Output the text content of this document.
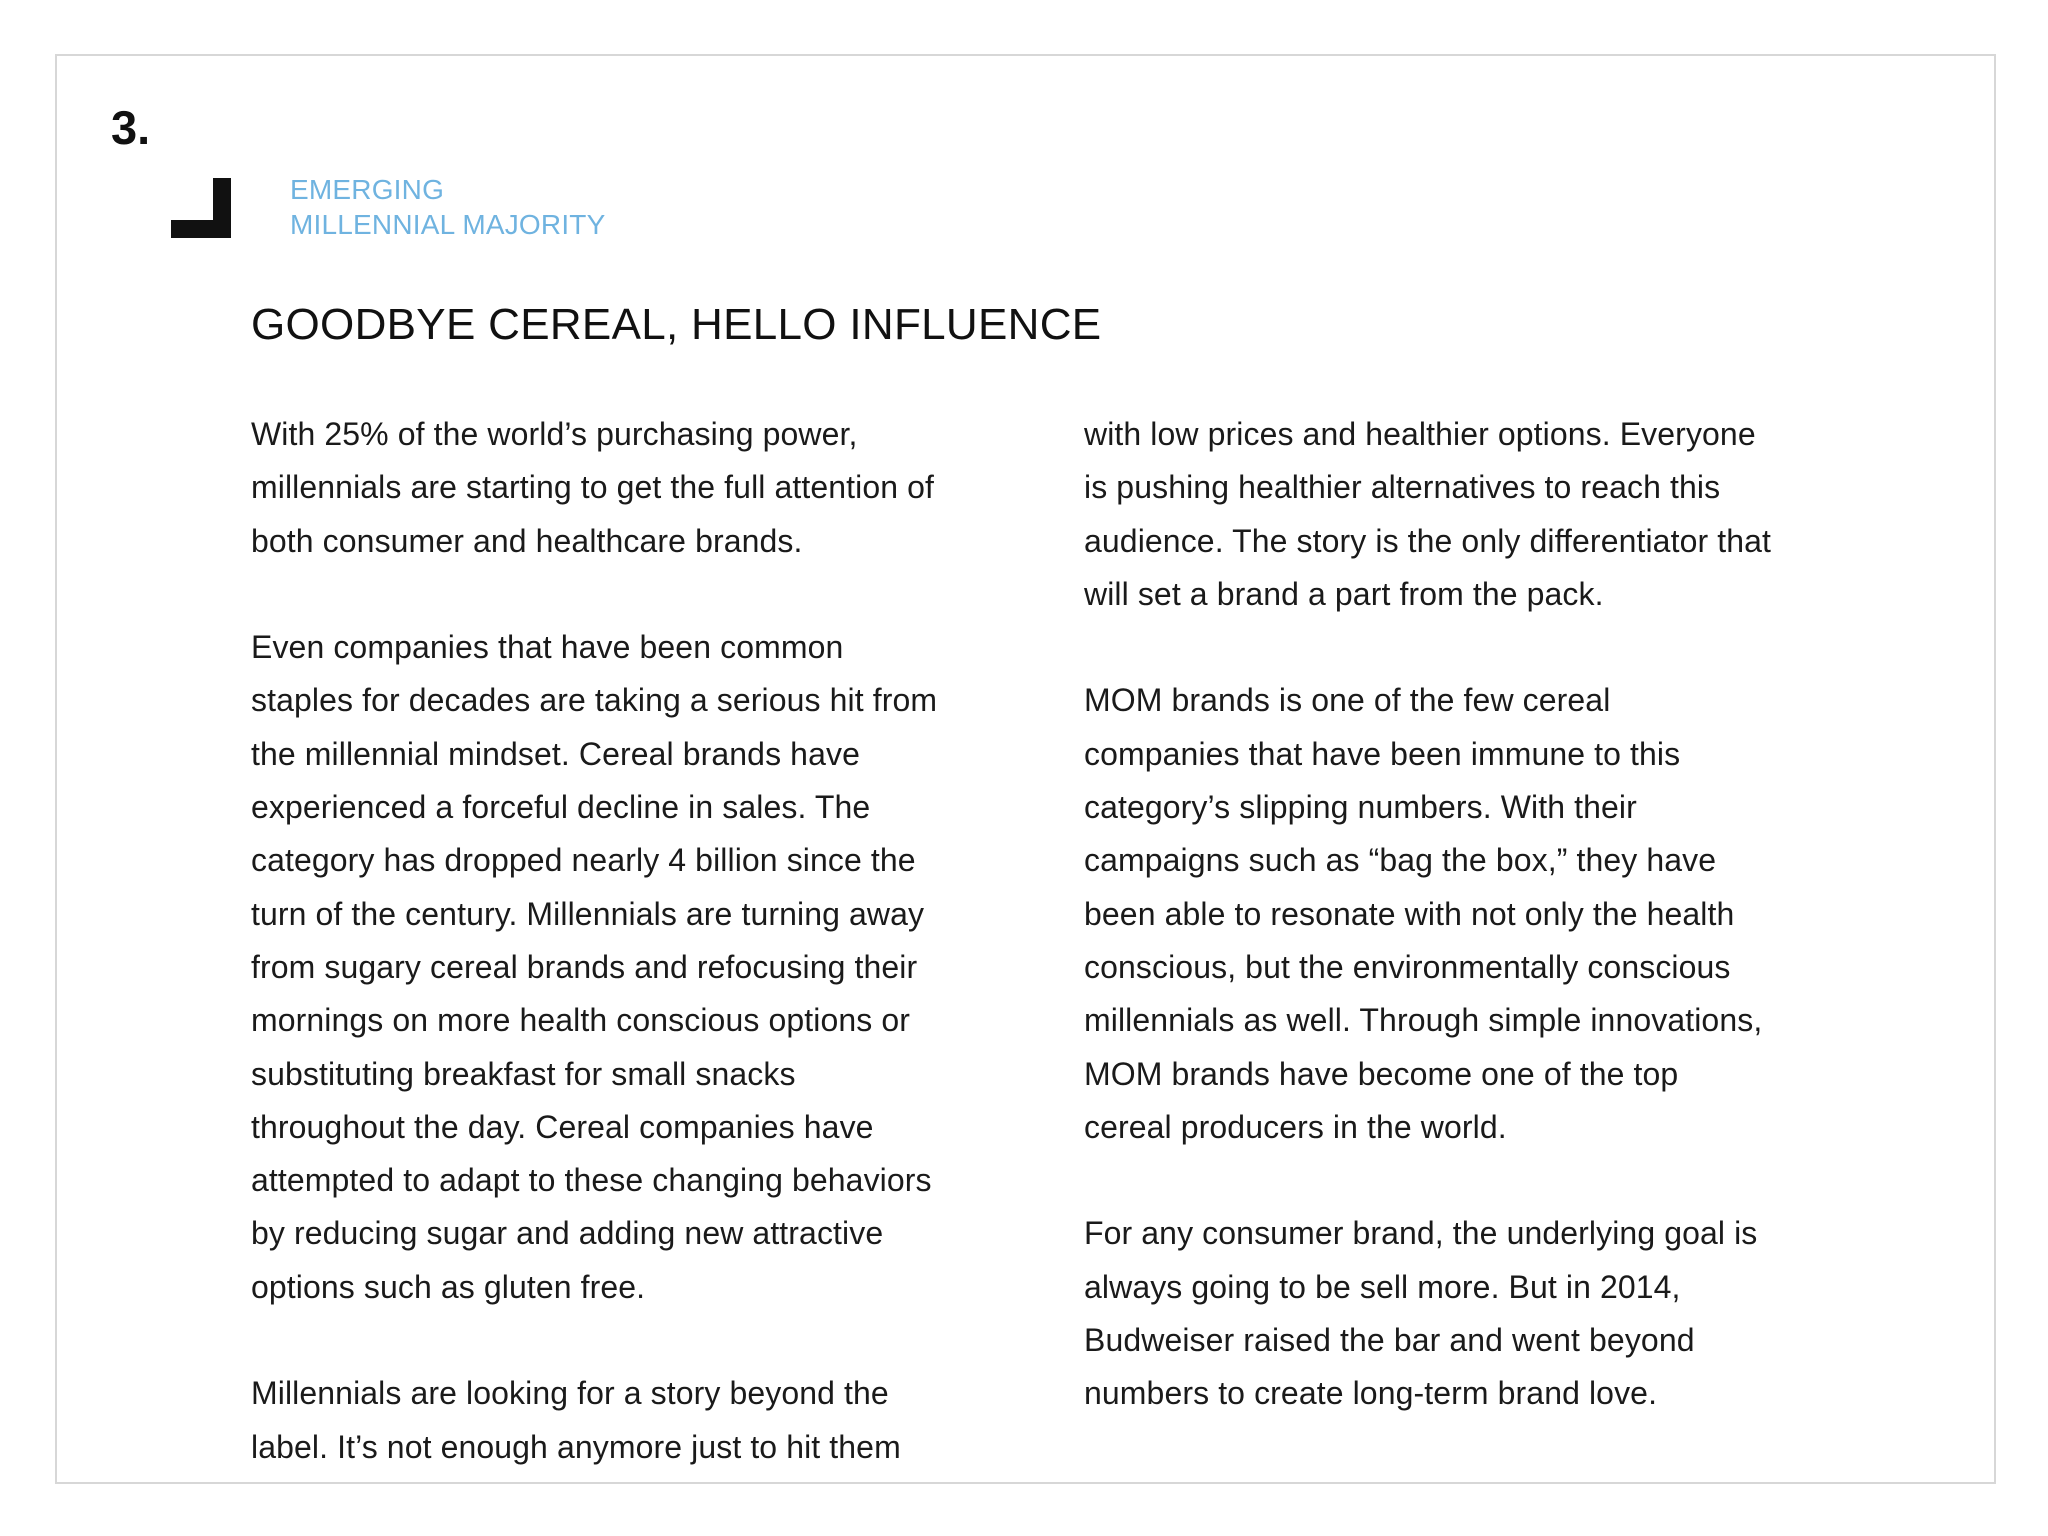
3.
EMERGING
MILLENNIAL MAJORITY
GOODBYE CEREAL, HELLO INFLUENCE
With 25% of the world’s purchasing power,
millennials are starting to get the full attention of
both consumer and healthcare brands.
Even companies that have been common
staples for decades are taking a serious hit from
the millennial mindset. Cereal brands have
experienced a forceful decline in sales. The
category has dropped nearly 4 billion since the
turn of the century. Millennials are turning away
from sugary cereal brands and refocusing their
mornings on more health conscious options or
substituting breakfast for small snacks
throughout the day. Cereal companies have
attempted to adapt to these changing behaviors
by reducing sugar and adding new attractive
options such as gluten free.
Millennials are looking for a story beyond the
label. It’s not enough anymore just to hit them
with low prices and healthier options. Everyone
is pushing healthier alternatives to reach this
audience. The story is the only differentiator that
will set a brand a part from the pack.
MOM brands is one of the few cereal
companies that have been immune to this
category’s slipping numbers. With their
campaigns such as “bag the box,” they have
been able to resonate with not only the health
conscious, but the environmentally conscious
millennials as well. Through simple innovations,
MOM brands have become one of the top
cereal producers in the world.
For any consumer brand, the underlying goal is
always going to be sell more. But in 2014,
Budweiser raised the bar and went beyond
numbers to create long-term brand love.
